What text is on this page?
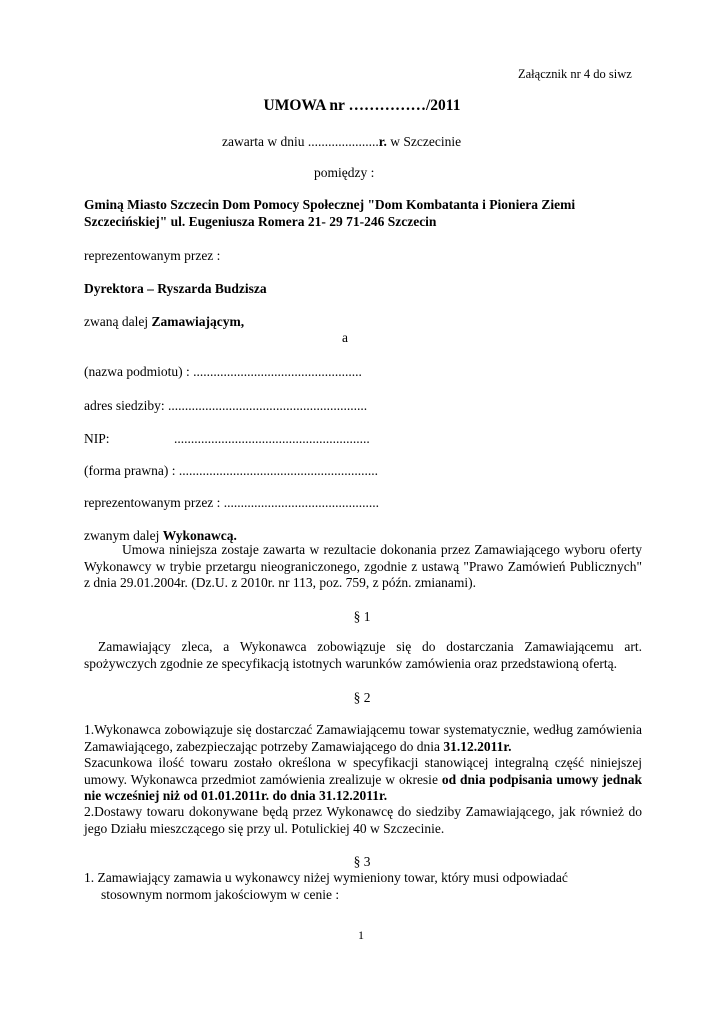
Załącznik nr 4 do siwz
UMOWA nr ……………/2011
zawarta w dniu .....................r. w Szczecinie
pomiędzy :
Gminą Miasto Szczecin Dom Pomocy Społecznej "Dom Kombatanta i Pioniera Ziemi
Szczecińskiej" ul. Eugeniusza Romera 21- 29 71-246 Szczecin
reprezentowanym przez :
Dyrektora – Ryszarda Budzisza
zwaną dalej Zamawiającym,
a
(nazwa podmiotu) : ..................................................
adres siedziby: ...........................................................
NIP:	..........................................................
(forma prawna) : ...........................................................
reprezentowanym przez : ..............................................
zwanym dalej Wykonawcą.
Umowa niniejsza zostaje zawarta w rezultacie dokonania przez Zamawiającego wyboru oferty Wykonawcy w trybie przetargu nieograniczonego, zgodnie z ustawą "Prawo Zamówień Publicznych" z dnia 29.01.2004r. (Dz.U. z 2010r. nr 113, poz. 759, z późn. zmianami).
§ 1
Zamawiający zleca, a Wykonawca zobowiązuje się do dostarczania Zamawiającemu art. spożywczych zgodnie ze specyfikacją istotnych warunków zamówienia oraz przedstawioną ofertą.
§ 2
1.Wykonawca zobowiązuje się dostarczać Zamawiającemu towar systematycznie, według zamówienia Zamawiającego, zabezpieczając potrzeby Zamawiającego do dnia 31.12.2011r.
Szacunkowa ilość towaru zostało określona w specyfikacji stanowiącej integralną część niniejszej umowy. Wykonawca przedmiot zamówienia zrealizuje w okresie od dnia podpisania umowy jednak nie wcześniej niż od 01.01.2011r. do dnia 31.12.2011r.
2.Dostawy towaru dokonywane będą przez Wykonawcę do siedziby Zamawiającego, jak również do jego Działu mieszczącego się przy ul. Potulickiej 40 w Szczecinie.
§ 3
1. Zamawiający zamawia u wykonawcy niżej wymieniony towar, który musi odpowiadać
stosownym normom jakościowym w cenie :
1
